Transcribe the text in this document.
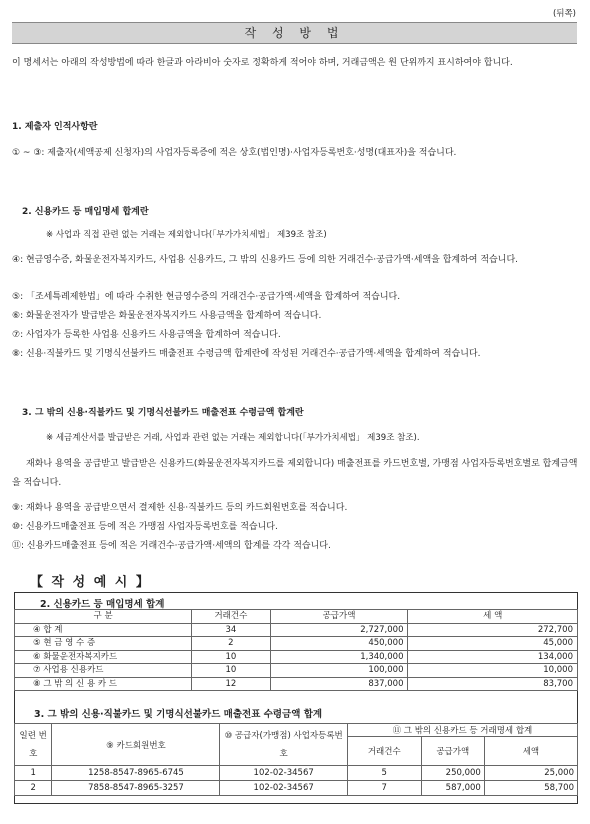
(뒤쪽)
작 성 방 법
이 명세서는 아래의 작성방법에 따라 한글과 아라비아 숫자로 정확하게 적어야 하며, 거래금액은 원 단위까지 표시하여야 합니다.
1. 제출자 인적사항란
① ~ ③: 제출자(세액공제 신청자)의 사업자등록증에 적은 상호(법인명)·사업자등록번호·성명(대표자)을 적습니다.
2. 신용카드 등 매입명세 합계란
※ 사업과 직접 관련 없는 거래는 제외합니다(「부가가치세법」 제39조 참조)
④: 현금영수증, 화물운전자복지카드, 사업용 신용카드, 그 밖의 신용카드 등에 의한 거래건수·공급가액·세액을 합계하여 적습니다.
⑤: 「조세특례제한법」에 따라 수취한 현금영수증의 거래건수·공급가액·세액을 합계하여 적습니다.
⑥: 화물운전자가 발급받은 화물운전자복지카드 사용금액을 합계하여 적습니다.
⑦: 사업자가 등록한 사업용 신용카드 사용금액을 합계하여 적습니다.
⑧: 신용·직불카드 및 기명식선불카드 매출전표 수령금액 합계란에 작성된 거래건수·공급가액·세액을 합계하여 적습니다.
3. 그 밖의 신용·직불카드 및 기명식선불카드 매출전표 수령금액 합계란
※ 세금계산서를 발급받은 거래, 사업과 관련 없는 거래는 제외합니다(「부가가치세법」 제39조 참조).
재화나 용역을 공급받고 발급받은 신용카드(화물운전자복지카드를 제외합니다) 매출전표를 카드번호별, 가맹점 사업자등록번호별로 합계금액을 적습니다.
⑨: 재화나 용역을 공급받으면서 결제한 신용·직불카드 등의 카드회원번호를 적습니다.
⑩: 신용카드매출전표 등에 적은 가맹점 사업자등록번호를 적습니다.
⑪: 신용카드매출전표 등에 적은 거래건수·공급가액·세액의 합계를 각각 적습니다.
【 작 성 예 시 】
2. 신용카드 등 매입명세 합계
구 분	거래건수	공급가액	세 액
④ 합 계	34	2,727,000	272,700
⑤ 현 금 영 수 증	2	450,000	45,000
⑥ 화물운전자복지카드	10	1,340,000	134,000
⑦ 사업용 신용카드	10	100,000	10,000
⑧ 그 밖 의 신 용 카 드	12	837,000	83,700
3. 그 밖의 신용·직불카드 및 기명식선불카드 매출전표 수령금액 합계
일련 번호	⑨ 카드회원번호	⑩ 공급자(가맹점) 사업자등록번호	⑪ 그 밖의 신용카드 등 거래명세 합계		
			거래건수	공급가액	세액
1	1258-8547-8965-6745	102-02-34567	5	250,000	25,000
2	7858-8547-8965-3257	102-02-34567	7	587,000	58,700
